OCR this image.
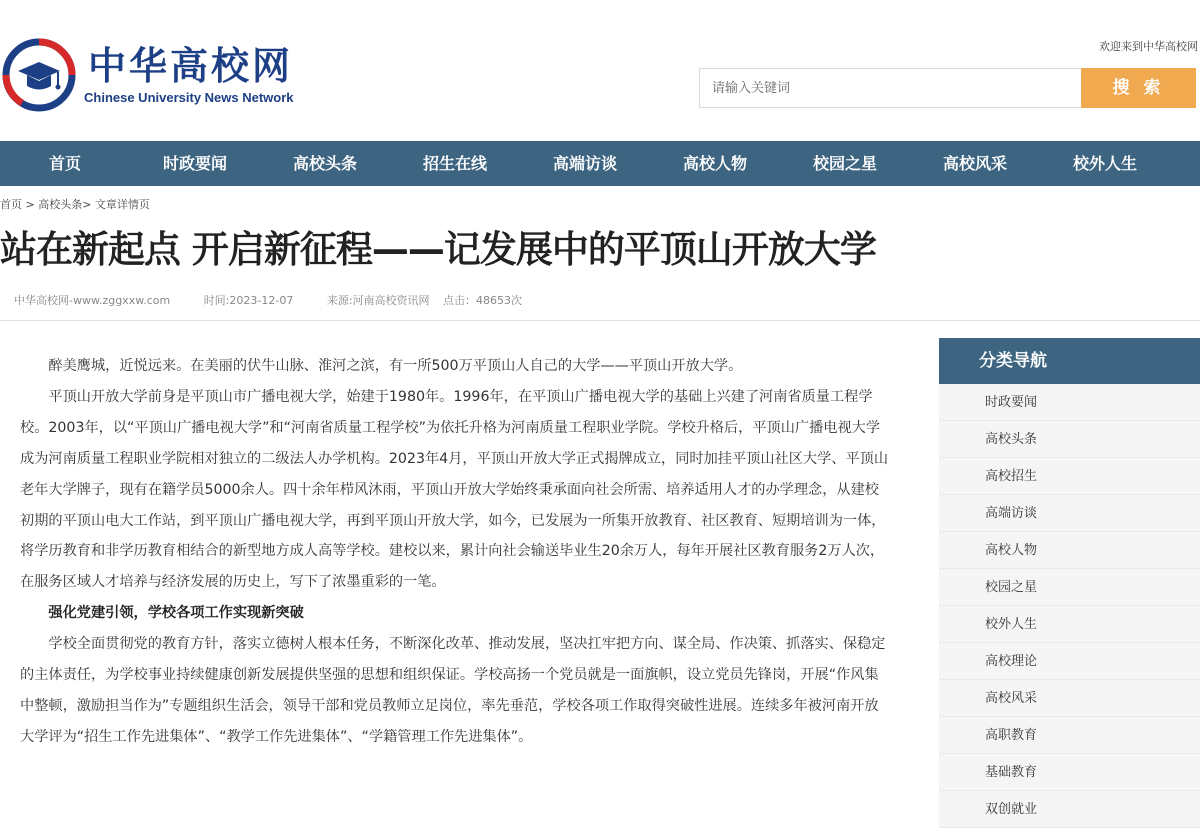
中华高校网
Chinese University News Network
欢迎来到中华高校网
请输入关键词
搜 索
首页	时政要闻	高校头条	招生在线	高端访谈	高校人物	校园之星	高校风采	校外人生
首页 > 高校头条> 文章详情页
站在新起点 开启新征程——记发展中的平顶山开放大学
中华高校网-www.zggxxw.com	时间:2023-12-07	来源:河南高校资讯网 点击：48653次

醉美鹰城，近悦远来。在美丽的伏牛山脉、淮河之滨，有一所500万平顶山人自己的大学——平顶山开放大学。

平顶山开放大学前身是平顶山市广播电视大学，始建于1980年。1996年，在平顶山广播电视大学的基础上兴建了河南省质量工程学校。2003年，以“平顶山广播电视大学”和“河南省质量工程学校”为依托升格为河南质量工程职业学院。学校升格后，平顶山广播电视大学成为河南质量工程职业学院相对独立的二级法人办学机构。2023年4月，平顶山开放大学正式揭牌成立，同时加挂平顶山社区大学、平顶山老年大学牌子，现有在籍学员5000余人。四十余年栉风沐雨，平顶山开放大学始终秉承面向社会所需、培养适用人才的办学理念，从建校初期的平顶山电大工作站，到平顶山广播电视大学，再到平顶山开放大学，如今，已发展为一所集开放教育、社区教育、短期培训为一体，将学历教育和非学历教育相结合的新型地方成人高等学校。建校以来，累计向社会输送毕业生20余万人，每年开展社区教育服务2万人次，在服务区域人才培养与经济发展的历史上，写下了浓墨重彩的一笔。

强化党建引领，学校各项工作实现新突破

学校全面贯彻党的教育方针，落实立德树人根本任务，不断深化改革、推动发展，坚决扛牢把方向、谋全局、作决策、抓落实、保稳定的主体责任，为学校事业持续健康创新发展提供坚强的思想和组织保证。学校高扬一个党员就是一面旗帜，设立党员先锋岗，开展“作风集中整顿，激励担当作为”专题组织生活会，领导干部和党员教师立足岗位，率先垂范，学校各项工作取得突破性进展。连续多年被河南开放大学评为“招生工作先进集体”、“教学工作先进集体”、“学籍管理工作先进集体”。

分类导航
时政要闻
高校头条
高校招生
高端访谈
高校人物
校园之星
校外人生
高校理论
高校风采
高职教育
基础教育
双创就业
